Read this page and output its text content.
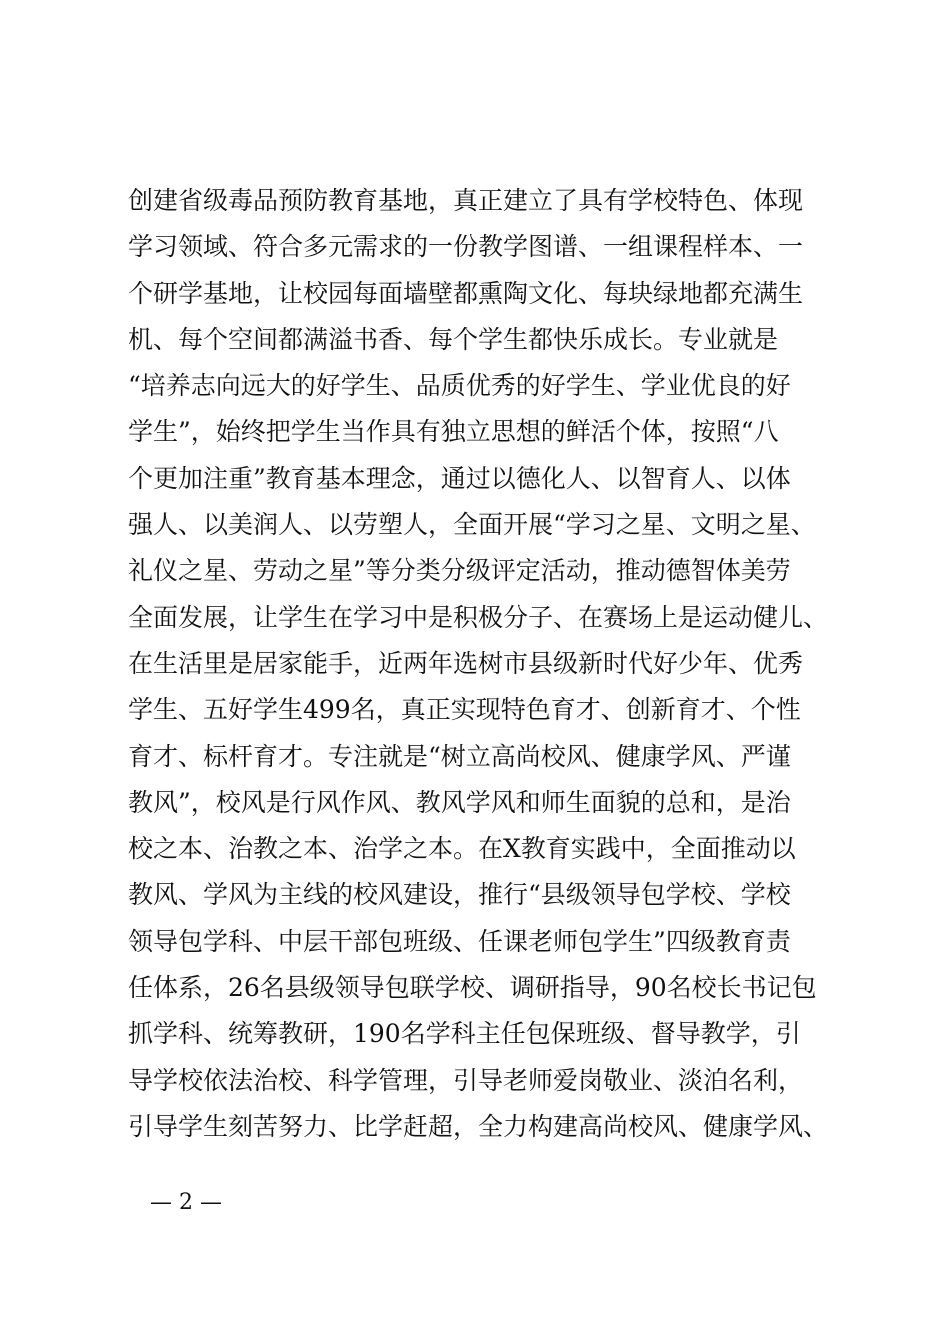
创建省级毒品预防教育基地，真正建立了具有学校特色、体现
学习领域、符合多元需求的一份教学图谱、一组课程样本、一
个研学基地，让校园每面墙壁都熏陶文化、每块绿地都充满生
机、每个空间都满溢书香、每个学生都快乐成长。专业就是
“培养志向远大的好学生、品质优秀的好学生、学业优良的好
学生”，始终把学生当作具有独立思想的鲜活个体，按照“八
个更加注重”教育基本理念，通过以德化人、以智育人、以体
强人、以美润人、以劳塑人，全面开展“学习之星、文明之星、
礼仪之星、劳动之星”等分类分级评定活动，推动德智体美劳
全面发展，让学生在学习中是积极分子、在赛场上是运动健儿、
在生活里是居家能手，近两年选树市县级新时代好少年、优秀
学生、五好学生499名，真正实现特色育才、创新育才、个性
育才、标杆育才。专注就是“树立高尚校风、健康学风、严谨
教风”，校风是行风作风、教风学风和师生面貌的总和，是治
校之本、治教之本、治学之本。在X教育实践中，全面推动以
教风、学风为主线的校风建设，推行“县级领导包学校、学校
领导包学科、中层干部包班级、任课老师包学生”四级教育责
任体系，26名县级领导包联学校、调研指导，90名校长书记包
抓学科、统筹教研，190名学科主任包保班级、督导教学，引
导学校依法治校、科学管理，引导老师爱岗敬业、淡泊名利，
引导学生刻苦努力、比学赶超，全力构建高尚校风、健康学风、
— 2 —
